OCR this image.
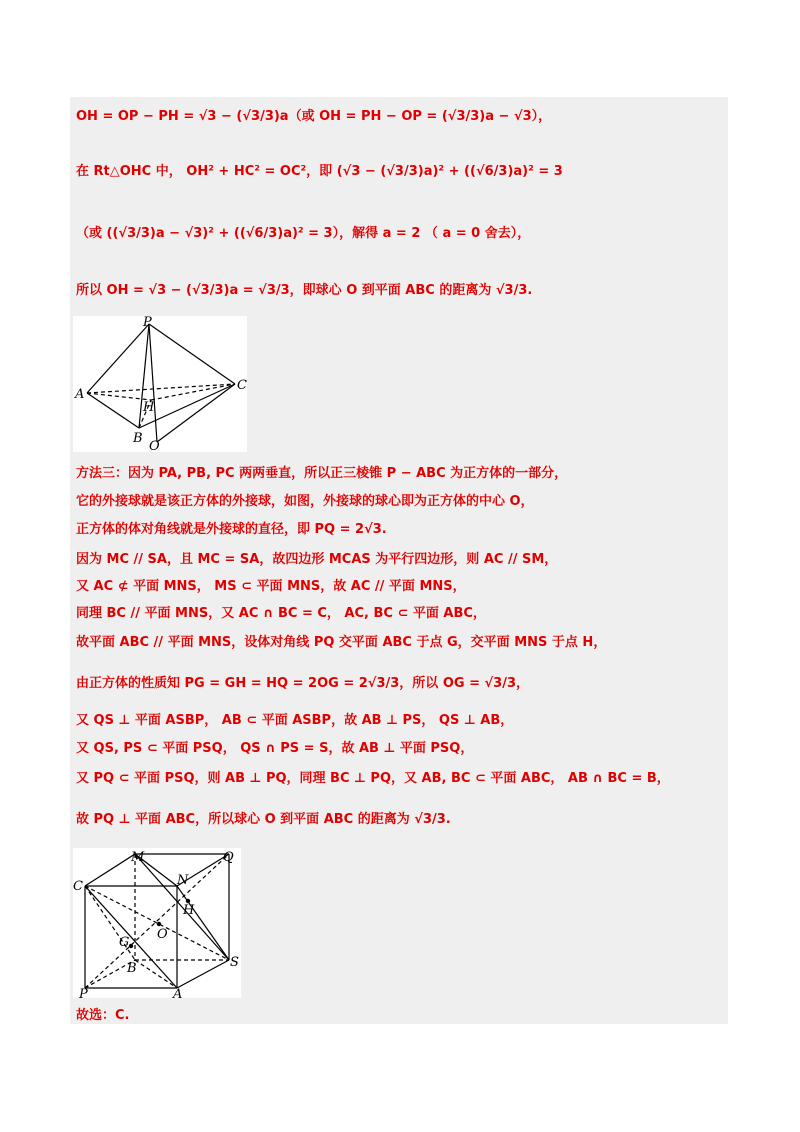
OH = OP − PH = √3 − (√3/3)a（或 OH = PH − OP = (√3/3)a − √3），
在 Rt△OHC 中， OH² + HC² = OC²，即 (√3 − (√3/3)a)² + ((√6/3)a)² = 3
（或 ((√3/3)a − √3)² + ((√6/3)a)² = 3），解得 a = 2 （ a = 0 舍去），
所以 OH = √3 − (√3/3)a = √3/3，即球心 O 到平面 ABC 的距离为 √3/3.
P
A
B
C
H
O
方法三：因为 PA, PB, PC 两两垂直，所以正三棱锥 P − ABC 为正方体的一部分，
它的外接球就是该正方体的外接球，如图，外接球的球心即为正方体的中心 O，
正方体的体对角线就是外接球的直径，即 PQ = 2√3.
因为 MC // SA，且 MC = SA，故四边形 MCAS 为平行四边形，则 AC // SM，
又 AC ⊄ 平面 MNS， MS ⊂ 平面 MNS，故 AC // 平面 MNS，
同理 BC // 平面 MNS，又 AC ∩ BC = C， AC, BC ⊂ 平面 ABC，
故平面 ABC // 平面 MNS，设体对角线 PQ 交平面 ABC 于点 G，交平面 MNS 于点 H，
由正方体的性质知 PG = GH = HQ = 2OG = 2√3/3，所以 OG = √3/3，
又 QS ⊥ 平面 ASBP， AB ⊂ 平面 ASBP，故 AB ⊥ PS， QS ⊥ AB，
又 QS, PS ⊂ 平面 PSQ， QS ∩ PS = S，故 AB ⊥ 平面 PSQ，
又 PQ ⊂ 平面 PSQ，则 AB ⊥ PQ，同理 BC ⊥ PQ，又 AB, BC ⊂ 平面 ABC， AB ∩ BC = B，
故 PQ ⊥ 平面 ABC，所以球心 O 到平面 ABC 的距离为 √3/3.
M	Q
N
C
H
O
G
B	S
P	A
故选：C.
